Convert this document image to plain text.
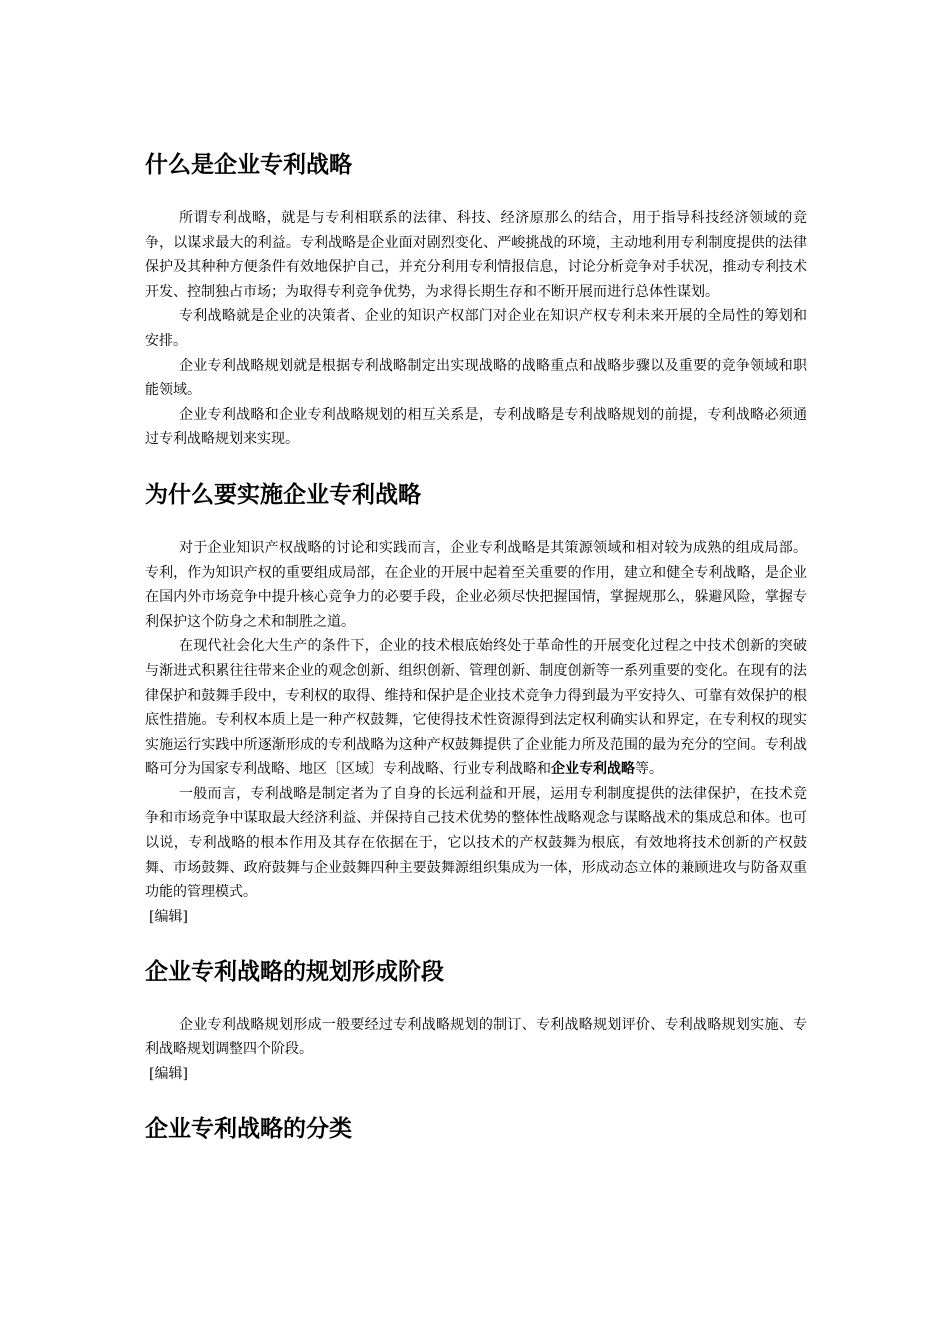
什么是企业专利战略

所谓专利战略，就是与专利相联系的法律、科技、经济原那么的结合，用于指导科技经济领域的竞争，以谋求最大的利益。专利战略是企业面对剧烈变化、严峻挑战的环境，主动地利用专利制度提供的法律保护及其种种方便条件有效地保护自己，并充分利用专利情报信息，讨论分析竞争对手状况，推动专利技术开发、控制独占市场；为取得专利竞争优势，为求得长期生存和不断开展而进行总体性谋划。

专利战略就是企业的决策者、企业的知识产权部门对企业在知识产权专利未来开展的全局性的筹划和安排。

企业专利战略规划就是根据专利战略制定出实现战略的战略重点和战略步骤以及重要的竞争领域和职能领域。

企业专利战略和企业专利战略规划的相互关系是，专利战略是专利战略规划的前提，专利战略必须通过专利战略规划来实现。

为什么要实施企业专利战略

对于企业知识产权战略的讨论和实践而言，企业专利战略是其策源领域和相对较为成熟的组成局部。专利，作为知识产权的重要组成局部，在企业的开展中起着至关重要的作用，建立和健全专利战略，是企业在国内外市场竞争中提升核心竞争力的必要手段，企业必须尽快把握国情，掌握规那么，躲避风险，掌握专利保护这个防身之术和制胜之道。

在现代社会化大生产的条件下，企业的技术根底始终处于革命性的开展变化过程之中技术创新的突破与渐进式积累往往带来企业的观念创新、组织创新、管理创新、制度创新等一系列重要的变化。在现有的法律保护和鼓舞手段中，专利权的取得、维持和保护是企业技术竞争力得到最为平安持久、可靠有效保护的根底性措施。专利权本质上是一种产权鼓舞，它使得技术性资源得到法定权利确实认和界定，在专利权的现实实施运行实践中所逐渐形成的专利战略为这种产权鼓舞提供了企业能力所及范围的最为充分的空间。专利战略可分为国家专利战略、地区〔区域〕专利战略、行业专利战略和企业专利战略等。

一般而言，专利战略是制定者为了自身的长远利益和开展，运用专利制度提供的法律保护，在技术竞争和市场竞争中谋取最大经济利益、并保持自己技术优势的整体性战略观念与谋略战术的集成总和体。也可以说，专利战略的根本作用及其存在依据在于，它以技术的产权鼓舞为根底，有效地将技术创新的产权鼓舞、市场鼓舞、政府鼓舞与企业鼓舞四种主要鼓舞源组织集成为一体，形成动态立体的兼顾进攻与防备双重功能的管理模式。

[编辑]
企业专利战略的规划形成阶段

企业专利战略规划形成一般要经过专利战略规划的制订、专利战略规划评价、专利战略规划实施、专利战略规划调整四个阶段。

[编辑]
企业专利战略的分类
